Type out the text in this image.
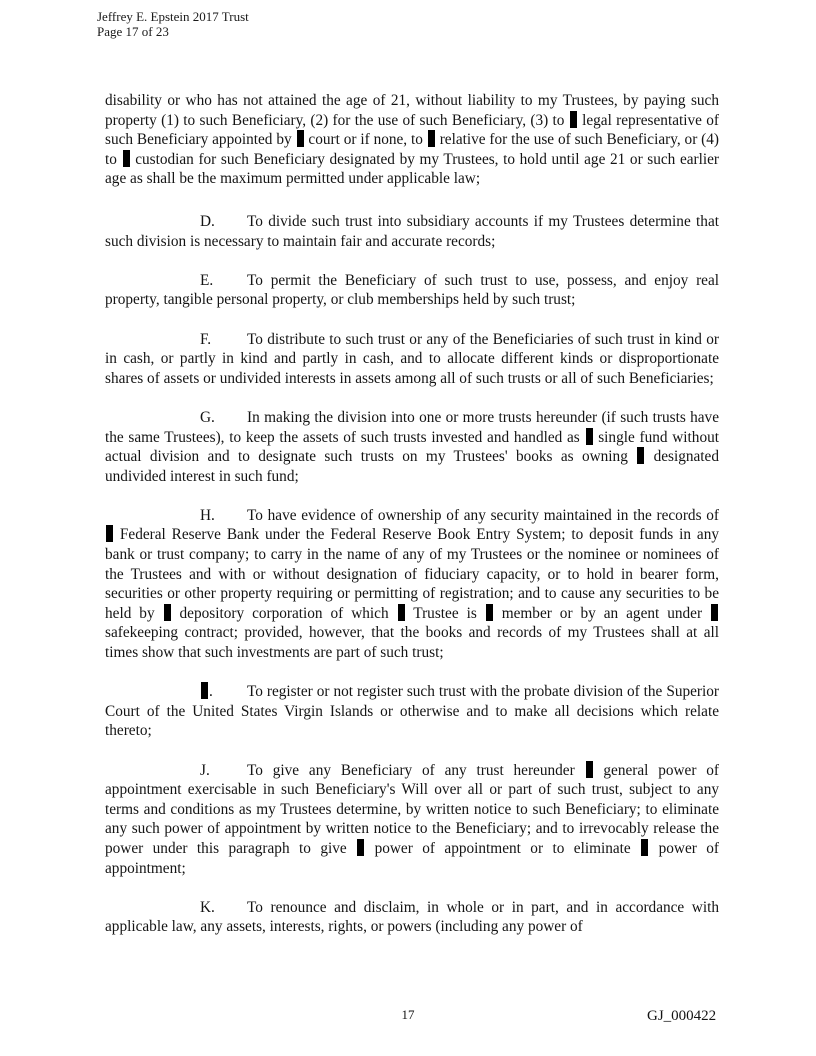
Jeffrey E. Epstein 2017 Trust
Page 17 of 23

disability or who has not attained the age of 21, without liability to my Trustees, by paying such property (1) to such Beneficiary, (2) for the use of such Beneficiary, (3) to legal representative of such Beneficiary appointed by court or if none, to relative for the use of such Beneficiary, or (4) to custodian for such Beneficiary designated by my Trustees, to hold until age 21 or such earlier age as shall be the maximum permitted under applicable law;

D. To divide such trust into subsidiary accounts if my Trustees determine that such division is necessary to maintain fair and accurate records;

E. To permit the Beneficiary of such trust to use, possess, and enjoy real property, tangible personal property, or club memberships held by such trust;

F. To distribute to such trust or any of the Beneficiaries of such trust in kind or in cash, or partly in kind and partly in cash, and to allocate different kinds or disproportionate shares of assets or undivided interests in assets among all of such trusts or all of such Beneficiaries;

G. In making the division into one or more trusts hereunder (if such trusts have the same Trustees), to keep the assets of such trusts invested and handled as single fund without actual division and to designate such trusts on my Trustees' books as owning designated undivided interest in such fund;

H. To have evidence of ownership of any security maintained in the records of  Federal Reserve Bank under the Federal Reserve Book Entry System; to deposit funds in any bank or trust company; to carry in the name of any of my Trustees or the nominee or nominees of the Trustees and with or without designation of fiduciary capacity, or to hold in bearer form, securities or other property requiring or permitting of registration; and to cause any securities to be held by depository corporation of which Trustee is member or by an agent under  safekeeping contract; provided, however, that the books and records of my Trustees shall at all times show that such investments are part of such trust;

. To register or not register such trust with the probate division of the Superior Court of the United States Virgin Islands or otherwise and to make all decisions which relate thereto;

J. To give any Beneficiary of any trust hereunder general power of appointment exercisable in such Beneficiary's Will over all or part of such trust, subject to any terms and conditions as my Trustees determine, by written notice to such Beneficiary; to eliminate any such power of appointment by written notice to the Beneficiary; and to irrevocably release the power under this paragraph to give power of appointment or to eliminate power of appointment;

K. To renounce and disclaim, in whole or in part, and in accordance with applicable law, any assets, interests, rights, or powers (including any power of

17	GJ_000422
